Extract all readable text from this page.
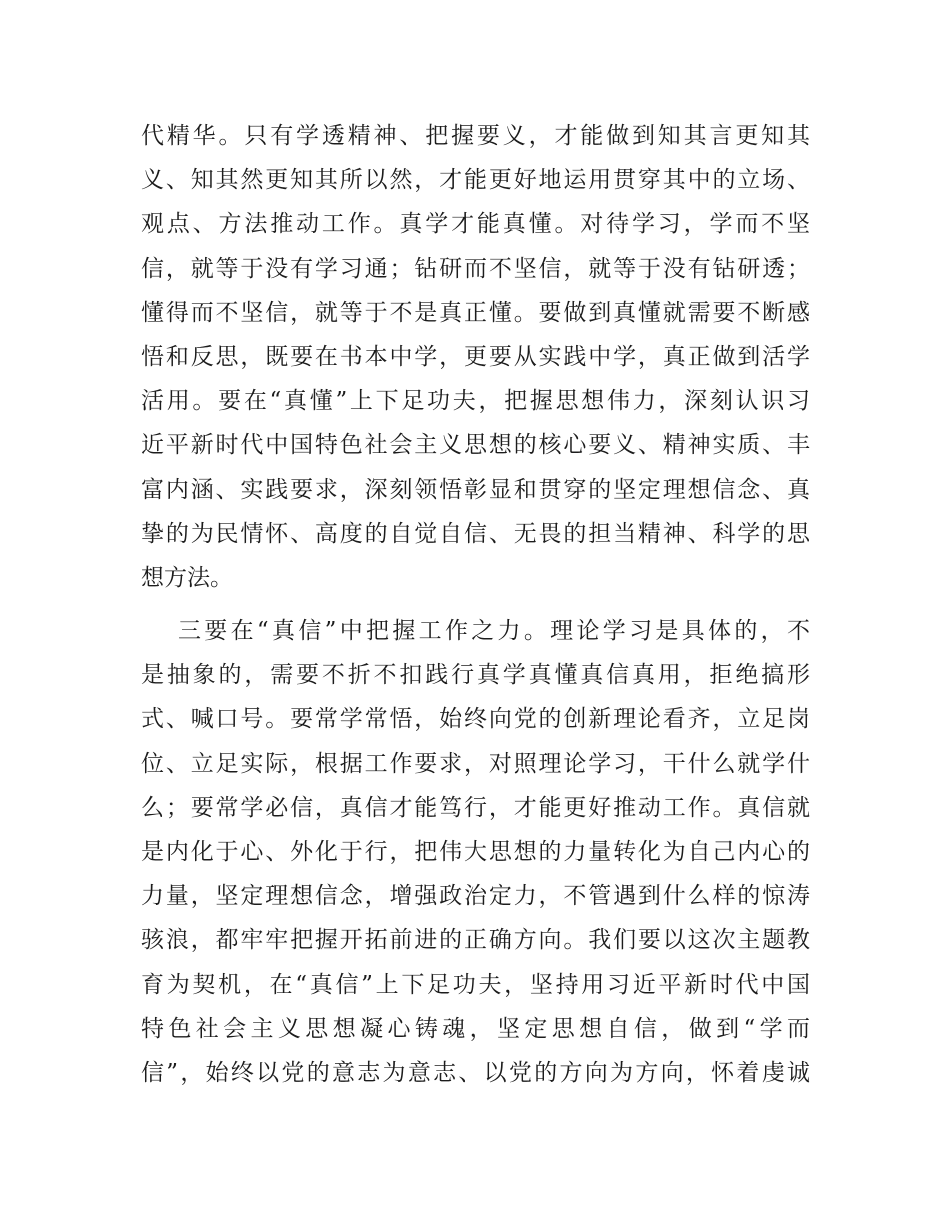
代精华。只有学透精神、把握要义，才能做到知其言更知其
义、知其然更知其所以然，才能更好地运用贯穿其中的立场、
观点、方法推动工作。真学才能真懂。对待学习，学而不坚
信，就等于没有学习通；钻研而不坚信，就等于没有钻研透；
懂得而不坚信，就等于不是真正懂。要做到真懂就需要不断感
悟和反思，既要在书本中学，更要从实践中学，真正做到活学
活用。要在“真懂”上下足功夫，把握思想伟力，深刻认识习
近平新时代中国特色社会主义思想的核心要义、精神实质、丰
富内涵、实践要求，深刻领悟彰显和贯穿的坚定理想信念、真
挚的为民情怀、高度的自觉自信、无畏的担当精神、科学的思
想方法。
三要在“真信”中把握工作之力。理论学习是具体的，不
是抽象的，需要不折不扣践行真学真懂真信真用，拒绝搞形
式、喊口号。要常学常悟，始终向党的创新理论看齐，立足岗
位、立足实际，根据工作要求，对照理论学习，干什么就学什
么；要常学必信，真信才能笃行，才能更好推动工作。真信就
是内化于心、外化于行，把伟大思想的力量转化为自己内心的
力量，坚定理想信念，增强政治定力，不管遇到什么样的惊涛
骇浪，都牢牢把握开拓前进的正确方向。我们要以这次主题教
育为契机，在“真信”上下足功夫，坚持用习近平新时代中国
特色社会主义思想凝心铸魂，坚定思想自信，做到“学而
信”，始终以党的意志为意志、以党的方向为方向，怀着虔诚
